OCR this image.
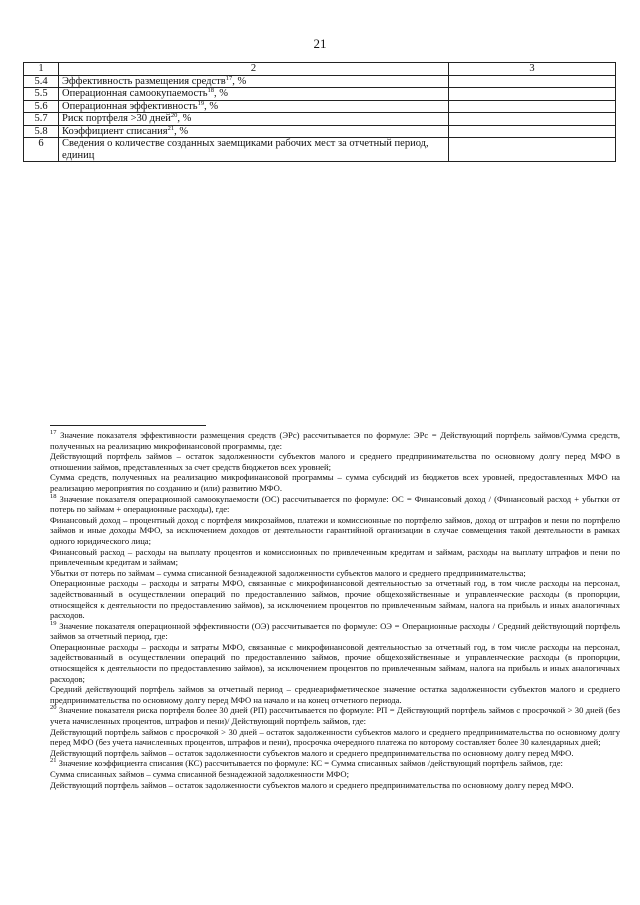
21
1	2	3
5.4	Эффективность размещения средств$^{17}$, %	
5.5	Операционная самоокупаемость$^{18}$, %	
5.6	Операционная эффективность$^{19}$, %	
5.7	Риск портфеля >30 дней$^{20}$, %	
5.8	Коэффициент списания$^{21}$, %	
6	Сведения о количестве созданных заемщиками рабочих мест за отчетный период, единиц	

$^{17}$ Значение показателя эффективности размещения средств (ЭРс) рассчитывается по формуле: ЭРс = Действующий портфель займов/Сумма средств, полученных на реализацию микрофинансовой программы, где:

Действующий портфель займов – остаток задолженности субъектов малого и среднего предпринимательства по основному долгу перед МФО в отношении займов, представленных за счет средств бюджетов всех уровней;

Сумма средств, полученных на реализацию микрофинансовой программы – сумма субсидий из бюджетов всех уровней, предоставленных МФО на реализацию мероприятия по созданию и (или) развитию МФО.

$^{18}$ Значение показателя операционной самоокупаемости (ОС) рассчитывается по формуле: ОС = Финансовый доход / (Финансовый расход + убытки от потерь по займам + операционные расходы), где:

Финансовый доход – процентный доход с портфеля микрозаймов, платежи и комиссионные по портфелю займов, доход от штрафов и пени по портфелю займов и иные доходы МФО, за исключением доходов от деятельности гарантийной организации в случае совмещения такой деятельности в рамках одного юридического лица;

Финансовый расход – расходы на выплату процентов и комиссионных по привлеченным кредитам и займам, расходы на выплату штрафов и пени по привлеченным кредитам и займам;

Убытки от потерь по займам – сумма списанной безнадежной задолженности субъектов малого и среднего предпринимательства;

Операционные расходы – расходы и затраты МФО, связанные с микрофинансовой деятельностью за отчетный год, в том числе расходы на персонал, задействованный в осуществлении операций по предоставлению займов, прочие общехозяйственные и управленческие расходы (в пропорции, относящейся к деятельности по предоставлению займов), за исключением процентов по привлеченным займам, налога на прибыль и иных аналогичных расходов.

$^{19}$ Значение показателя операционной эффективности (ОЭ) рассчитывается по формуле: ОЭ = Операционные расходы / Средний действующий портфель займов за отчетный период, где:

Операционные расходы – расходы и затраты МФО, связанные с микрофинансовой деятельностью за отчетный год, в том числе расходы на персонал, задействованный в осуществлении операций по предоставлению займов, прочие общехозяйственные и управленческие расходы (в пропорции, относящейся к деятельности по предоставлению займов), за исключением процентов по привлеченным займам, налога на прибыль и иных аналогичных расходов;

Средний действующий портфель займов за отчетный период – среднеарифметическое значение остатка задолженности субъектов малого и среднего предпринимательства по основному долгу перед МФО на начало и на конец отчетного периода.

$^{20}$ Значение показателя риска портфеля более 30 дней (РП) рассчитывается по формуле: РП = Действующий портфель займов с просрочкой > 30 дней (без учета начисленных процентов, штрафов и пени)/ Действующий портфель займов, где:

Действующий портфель займов с просрочкой > 30 дней – остаток задолженности субъектов малого и среднего предпринимательства по основному долгу перед МФО (без учета начисленных процентов, штрафов и пени), просрочка очередного платежа по которому составляет более 30 календарных дней;

Действующий портфель займов – остаток задолженности субъектов малого и среднего предпринимательства по основному долгу перед МФО.

$^{21}$ Значение коэффициента списания (КС) рассчитывается по формуле: КС = Сумма списанных займов /действующий портфель займов, где:

Сумма списанных займов – сумма списанной безнадежной задолженности МФО;

Действующий портфель займов – остаток задолженности субъектов малого и среднего предпринимательства по основному долгу перед МФО.
